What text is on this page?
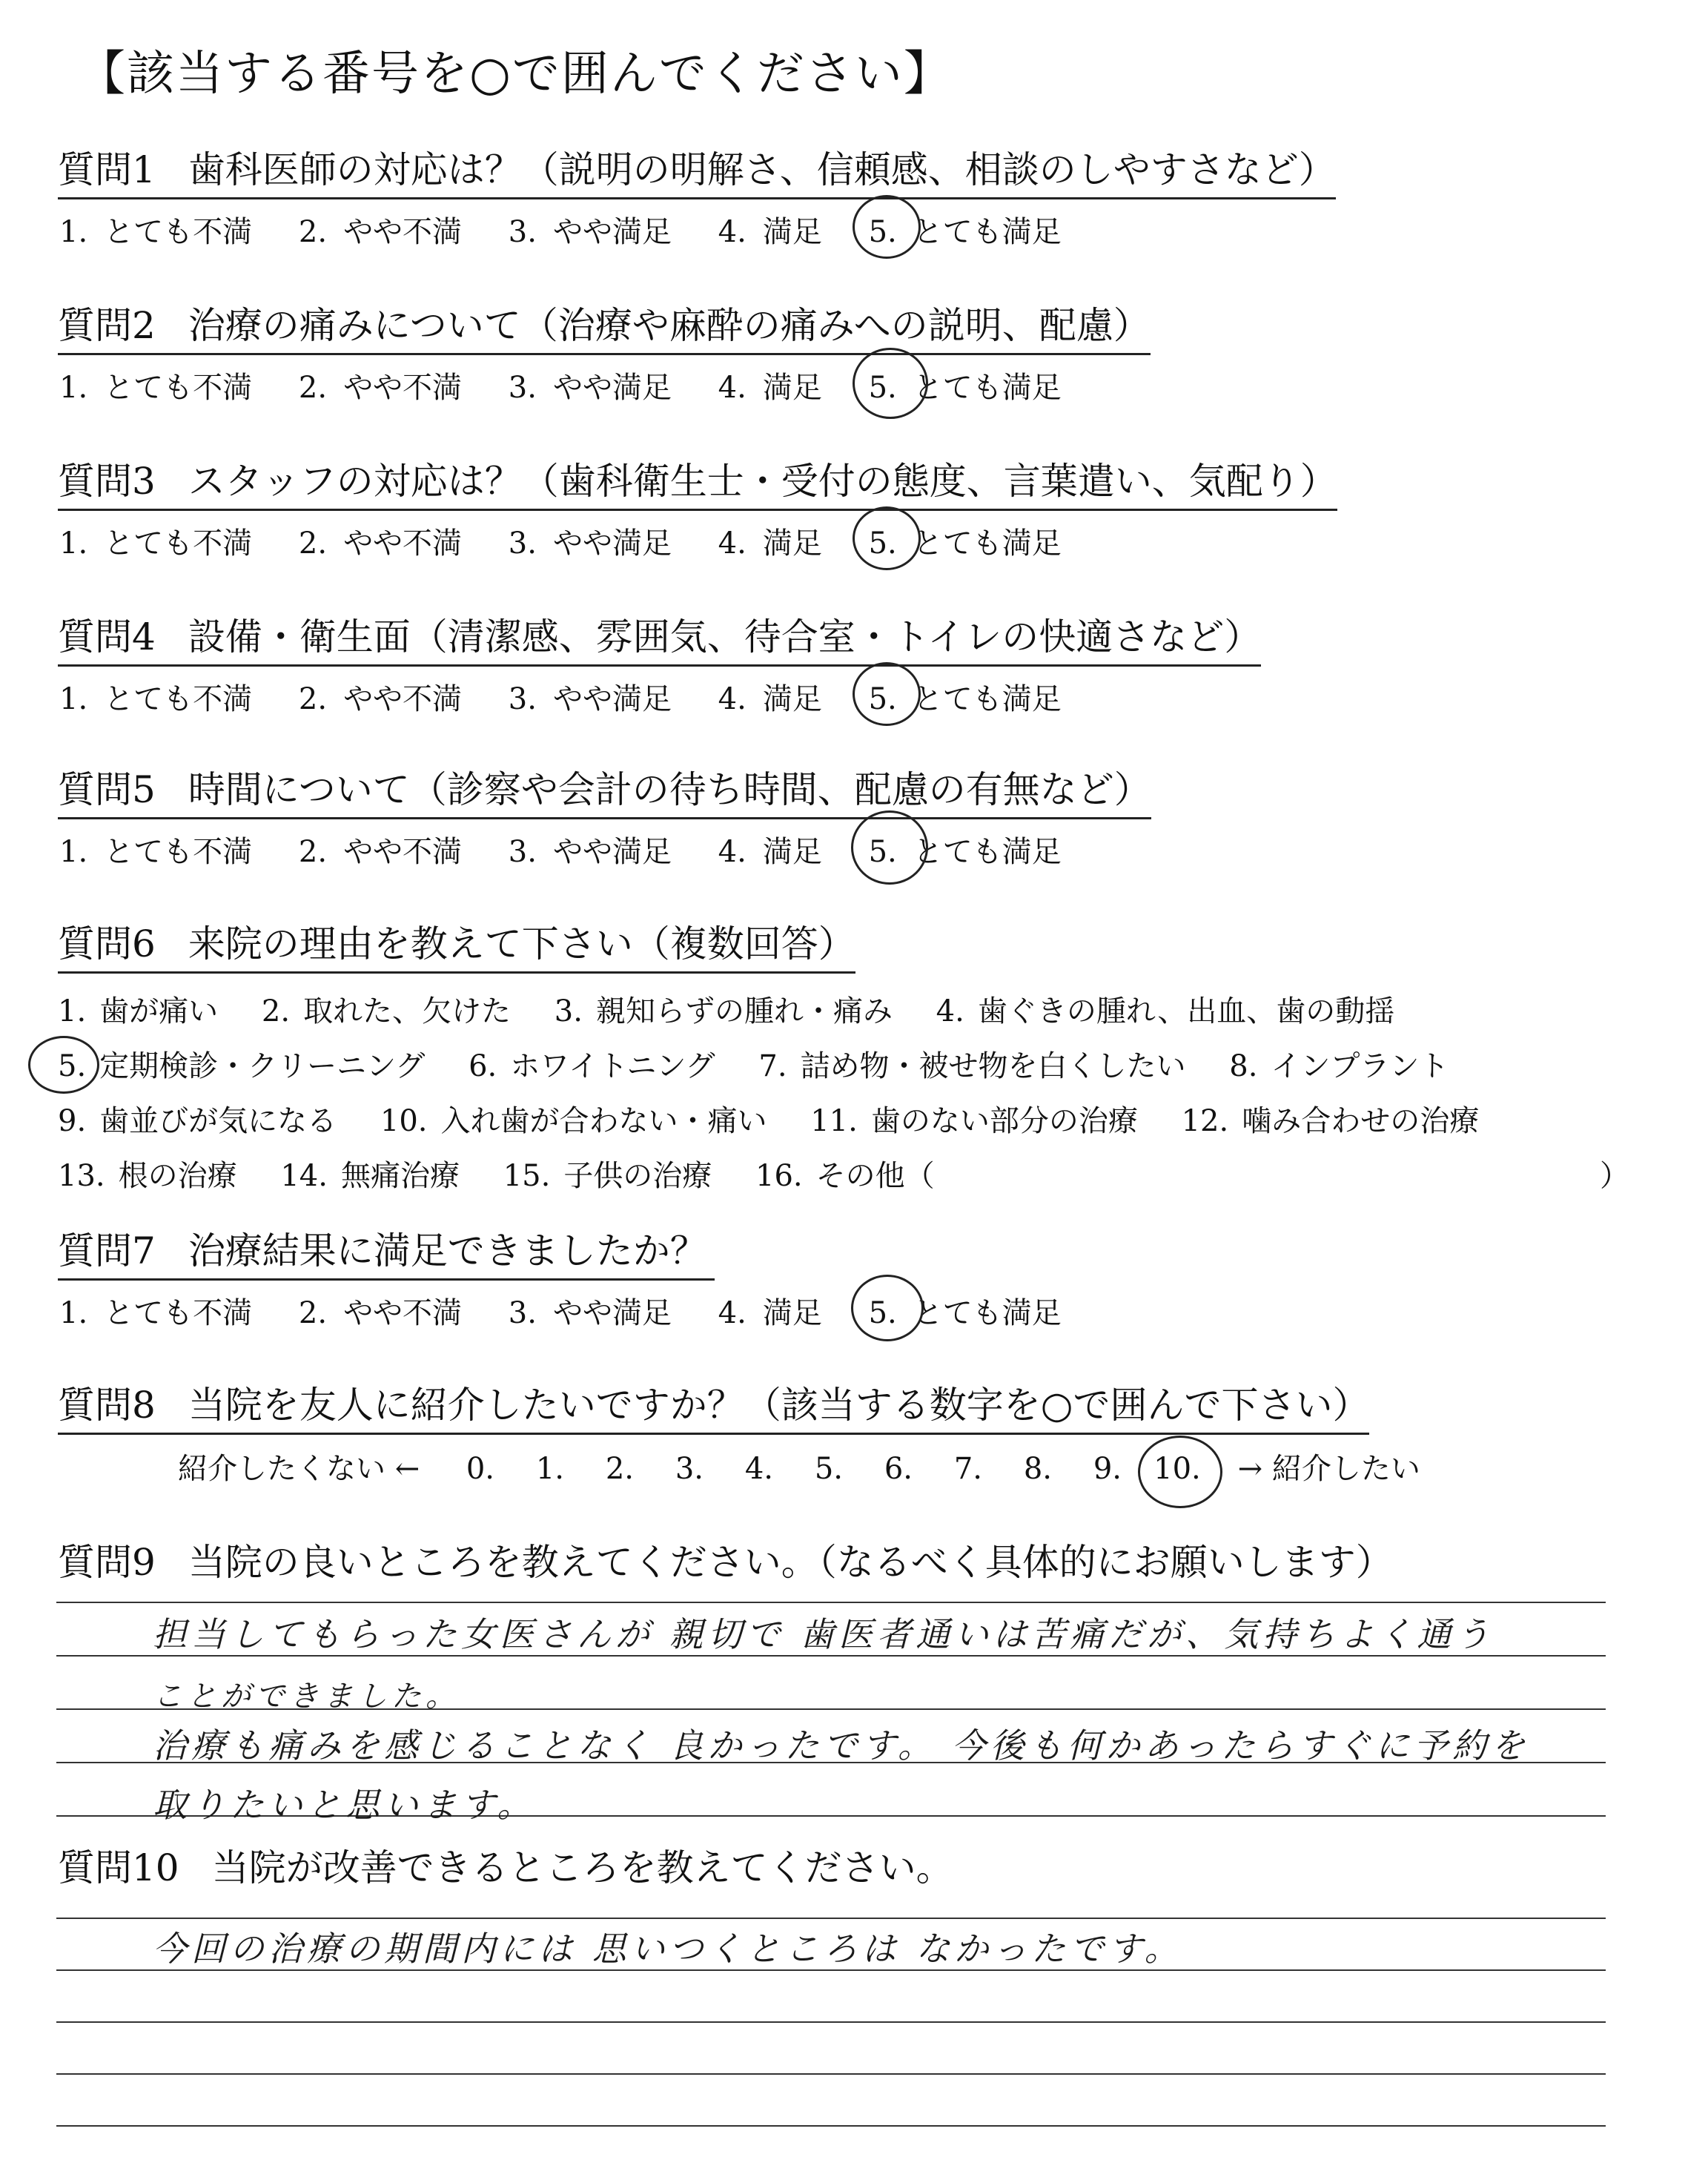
【該当する番号を○で囲んでください】
質問1 歯科医師の対応は？（説明の明解さ、信頼感、相談のしやすさなど）
1. とても不満 2. やや不満 3. やや満足 4. 満足 5. とても満足
質問2 治療の痛みについて（治療や麻酔の痛みへの説明、配慮）
1. とても不満 2. やや不満 3. やや満足 4. 満足 5. とても満足
質問3 スタッフの対応は？（歯科衛生士・受付の態度、言葉遣い、気配り）
1. とても不満 2. やや不満 3. やや満足 4. 満足 5. とても満足
質問4 設備・衛生面（清潔感、雰囲気、待合室・トイレの快適さなど）
1. とても不満 2. やや不満 3. やや満足 4. 満足 5. とても満足
質問5 時間について（診察や会計の待ち時間、配慮の有無など）
1. とても不満 2. やや不満 3. やや満足 4. 満足 5. とても満足
質問6 来院の理由を教えて下さい（複数回答）
1. 歯が痛い 2. 取れた、欠けた 3. 親知らずの腫れ・痛み 4. 歯ぐきの腫れ、出血、歯の動揺
5. 定期検診・クリーニング 6. ホワイトニング 7. 詰め物・被せ物を白くしたい 8. インプラント
9. 歯並びが気になる 10. 入れ歯が合わない・痛い 11. 歯のない部分の治療 12. 噛み合わせの治療
13. 根の治療 14. 無痛治療 15. 子供の治療 16. その他（	）
質問7 治療結果に満足できましたか？
1. とても不満 2. やや不満 3. やや満足 4. 満足 5. とても満足
質問8 当院を友人に紹介したいですか？（該当する数字を○で囲んで下さい）
紹介したくない ← 0. 1. 2. 3. 4. 5. 6. 7. 8. 9. 10. → 紹介したい
質問9 当院の良いところを教えてください。（なるべく具体的にお願いします）
担当してもらった女医さんが 親切で 歯医者通いは苦痛だが、気持ちよく通う
ことができました。
治療も痛みを感じることなく 良かったです。 今後も何かあったらすぐに予約を
取りたいと思います。
質問10 当院が改善できるところを教えてください。
今回の治療の期間内には 思いつくところは なかったです。
